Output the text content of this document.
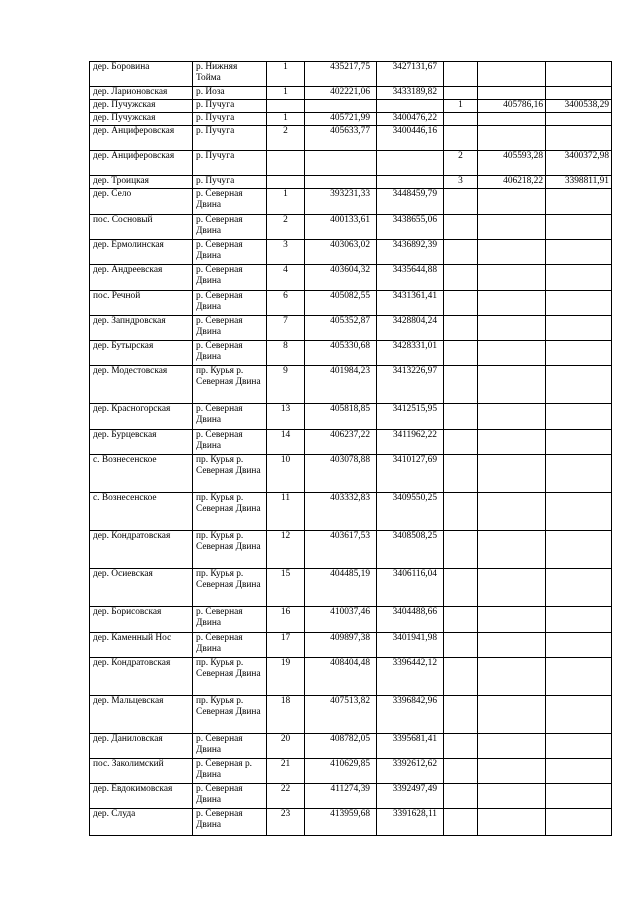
дер. Боровина	р. Нижняя Тойма	1	435217,75	3427131,67			
дер. Ларионовская	р. Иоза	1	402221,06	3433189,82			
дер. Пучужская	р. Пучуга				1	405786,16	3400538,29
дер. Пучужская	р. Пучуга	1	405721,99	3400476,22			
дер. Анциферовская	р. Пучуга	2	405633,77	3400446,16			
дер. Анциферовская	р. Пучуга				2	405593,28	3400372,98
дер. Троицкая	р. Пучуга				3	406218,22	3398811,91
дер. Село	р. Северная Двина	1	393231,33	3448459,79			
пос. Сосновый	р. Северная Двина	2	400133,61	3438655,06			
дер. Ермолинская	р. Северная Двина	3	403063,02	3436892,39			
дер. Андреевская	р. Северная Двина	4	403604,32	3435644,88			
пос. Речной	р. Северная Двина	6	405082,55	3431361,41			
дер. Запндровская	р. Северная Двина	7	405352,87	3428804,24			
дер. Бутырская	р. Северная Двина	8	405330,68	3428331,01			
дер. Модестовская	пр. Курья р. Северная Двина	9	401984,23	3413226,97			
дер. Красногорская	р. Северная Двина	13	405818,85	3412515,95			
дер. Бурцевская	р. Северная Двина	14	406237,22	3411962,22			
с. Вознесенское	пр. Курья р. Северная Двина	10	403078,88	3410127,69			
с. Вознесенское	пр. Курья р. Северная Двина	11	403332,83	3409550,25			
дер. Кондратовская	пр. Курья р. Северная Двина	12	403617,53	3408508,25			
дер. Осиевская	пр. Курья р. Северная Двина	15	404485,19	3406116,04			
дер. Борисовская	р. Северная Двина	16	410037,46	3404488,66			
дер. Каменный Нос	р. Северная Двина	17	409897,38	3401941,98			
дер. Кондратовская	пр. Курья р. Северная Двина	19	408404,48	3396442,12			
дер. Мальцевская	пр. Курья р. Северная Двина	18	407513,82	3396842,96			
дер. Даниловская	р. Северная Двина	20	408782,05	3395681,41			
пос. Заколимский	р. Северная р. Двина	21	410629,85	3392612,62			
дер. Евдокимовская	р. Северная Двина	22	411274,39	3392497,49			
дер. Слуда	р. Северная Двина	23	413959,68	3391628,11			
